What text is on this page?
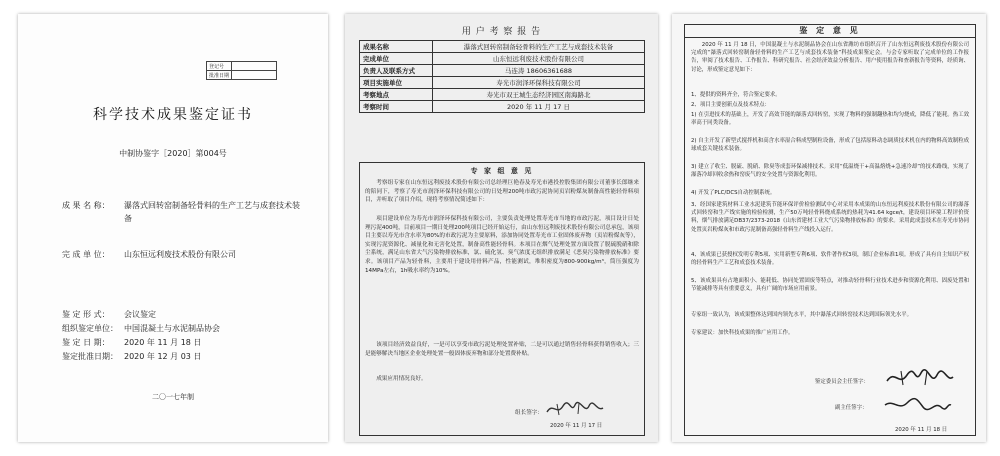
登记号	
批准日期	
科学技术成果鉴定证书
中制协鉴字［2020］第004号
成 果 名 称： 瀑落式回转窑制备轻骨料的生产工艺与成套技术装备
完 成 单 位： 山东恒远利废技术股份有限公司
鉴 定 形 式： 会议鉴定
组织鉴定单位： 中国混凝土与水泥制品协会
鉴 定 日 期： 2020 年 11 月 18 日
鉴定批准日期： 2020 年 12 月 03 日
二〇一七年制
用 户 考 察 报 告
成果名称	瀑落式回转窑制备轻骨料的生产工艺与成套技术装备
完成单位	山东恒远利废技术股份有限公司
负责人及联系方式	马连涛 18606361688
项目实施单位	寿光市润泽环保科技有限公司
考察地点	寿光市双王城生态经济园区南海路北
考察时间	2020 年 11 月 17 日
专 家 组 意 见
考察组专家在山东恒远利废技术股份有限公司总经理巨艳春及寿光市港投控股集团有限公司董事长郎继来的陪同下，考察了寿光市润泽环保科技有限公司的日处理200吨市政污泥协同页岩粉煤灰制备高性能轻骨料项目，并听取了项目介绍，现将考察情况简述如下：
项目建设单位为寿光市润泽环保科技有限公司，主要负责处理处置寿光市当地的市政污泥，项目设计日处理污泥400吨，目前项目一期日处理200吨项目已经开始运行，由山东恒远利废技术股份有限公司总承包，该项目主要以寿光市含水率为80%的市政污泥为主要原料，添加协同处置寿光市工业固体废弃物（页岩粉煤灰等），实现污泥资源化、减量化和无害化处置，制备高性能轻骨料。本项目在烟气处理处置方面设置了脱硫脱硝和除尘系统，满足山东省大气污染物排放标准，氯、硫化氢、臭气浓度无组织排放满足《恶臭污染物排放标准》要求。该项目产品为轻骨料，主要用于建设用骨料产品，性能测试，堆积密度为800-900kg/m³，筒压强度为14MPa左右，1h吸水率约为10%。
该项目经济效益良好，一是可以享受市政污泥处理处置补贴，二是可以通过销售轻骨料获得销售收入；三是能够解决当地区企业处理处置一般固体废弃物和部分处置费补贴。
成果应用情况良好。
组长签字：
2020 年 11 月 17 日
鉴 定 意 见
2020 年 11 月 18 日，中国混凝土与水泥制品协会在山东省潍坊市组织召开了山东恒远利废技术股份有限公司完成的“瀑落式回转窑制备轻骨料的生产工艺与成套技术装备”科技成果鉴定会。与会专家听取了完成单位的工作报告，审阅了技术报告、工作报告、科研究报告、社会经济效益分析报告、用户使用报告和查新报告等资料，经质询、讨论，形成鉴定意见如下：
1、提供的资料齐全，符合鉴定要求。
2、项目主要创新点及技术特点：
1) 在引进技术的基础上，开发了高效节能的瀑落式回转窑，实现了物料的强制翻热和均匀烧成，降低了能耗。热工效率高于同类设备。
2) 自主开发了新型式搅拌机和高含水率湿合料成型制粒设备，形成了包括原料动态调质技术机在内的物料高效制粒成球成套关键技术装备。
3) 建立了收尘、脱硫、脱硝、除臭等成套环保减排技术。采用“低温烧干+高温熔烧+急速冷却”的技术路线，实现了瀑落冷却回收余热和窑废气的安全处置与资源化利用。
4) 开发了PLC/DCS自动控制系统。
3、经国家建筑材料工业水泥建筑节能环保评价检验测试中心对采用本成果的山东恒远利废技术股份有限公司的瀑落式回转窑和生产线实施的检验检测，生产50万吨轻骨料烧成系统的热耗为41.64 kgce/t，建设项目环境工程评价资料，烟气排放满足DB37/2373-2018《山东省建材工业大气污染物排放标准》的要求。采用此成套技术在寿光市协同处置页岩粉煤灰和市政污泥制备高强轻骨料生产线投入运行。
4、该成果已获授权发明专利5项、实用新型专利6项、软件著作权3项，制订企业标准1项。形成了具有自主知识产权的轻骨料生产工艺和成套技术装备。
5、该成果具有占地面积小、能耗低、协同处置固废等特点，对推动轻骨料行业技术进步和资源化利用、固废处置和节能减排等具有重要意义，具有广阔的市场应用前景。
专家组一致认为，该成果整体达到国内领先水平，其中瀑落式回转窑技术达到国际领先水平。
专家建议：加快科技成果的推广应用工作。
鉴定委员会主任签字：
副主任签字：
2020 年 11 月 18 日
